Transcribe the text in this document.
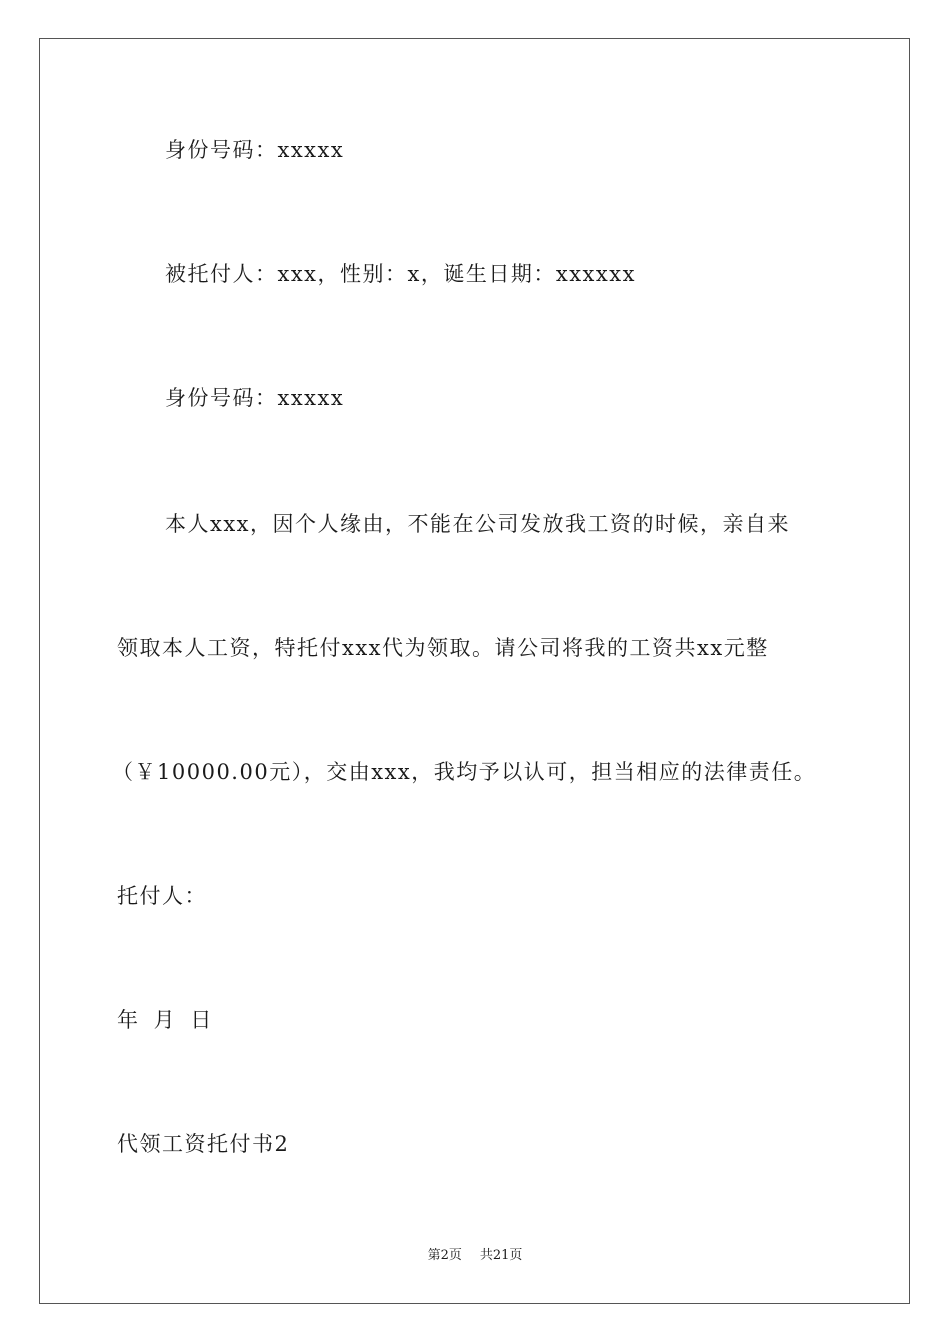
身份号码：xxxxx
被托付人：xxx，性别：x，诞生日期：xxxxxx
身份号码：xxxxx
本人xxx，因个人缘由，不能在公司发放我工资的时候，亲自来
领取本人工资，特托付xxx代为领取。请公司将我的工资共xx元整
（￥10000.00元），交由xxx，我均予以认可，担当相应的法律责任。
托付人：
年 月 日
代领工资托付书2
第2页 共21页
